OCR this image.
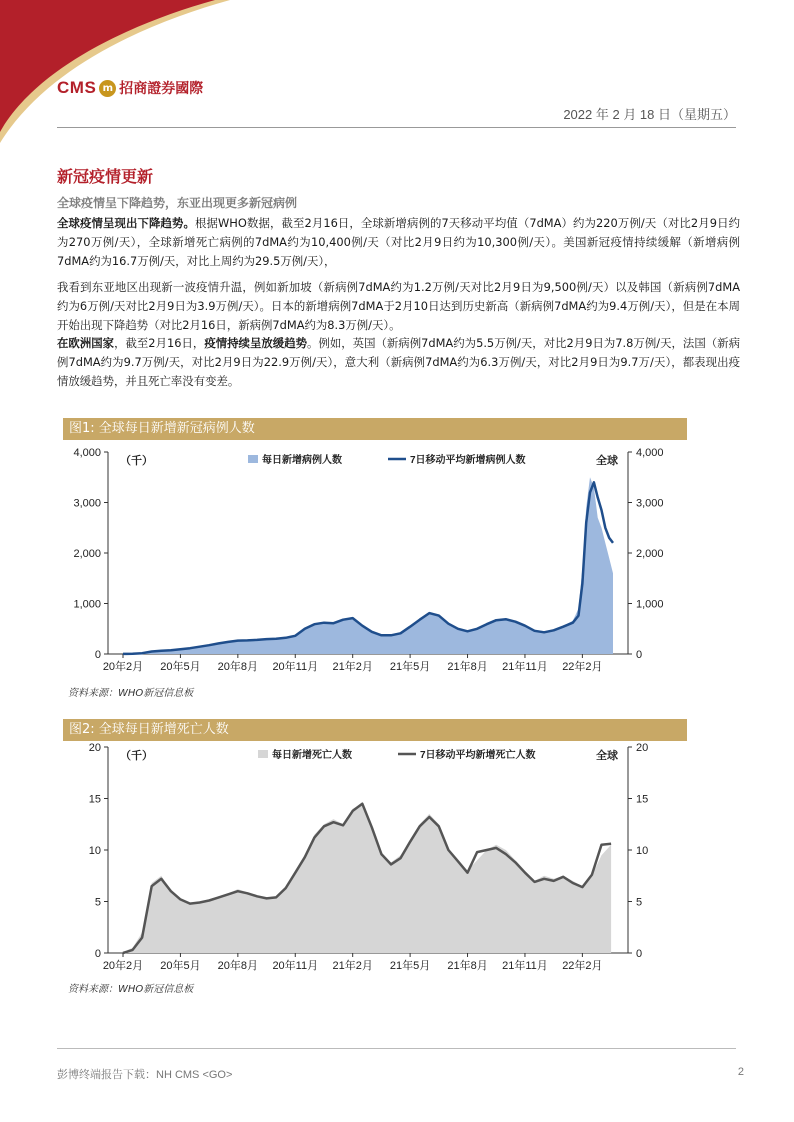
CMS m 招商證券國際
2022 年 2 月 18 日（星期五）
新冠疫情更新
全球疫情呈下降趋势，东亚出现更多新冠病例
全球疫情呈现出下降趋势。根据WHO数据，截至2月16日，全球新增病例的7天移动平均值（7dMA）约为220万例/天（对比2月9日约为270万例/天），全球新增死亡病例的7dMA约为10,400例/天（对比2月9日约为10,300例/天）。美国新冠疫情持续缓解（新增病例7dMA约为16.7万例/天，对比上周约为29.5万例/天），
我看到东亚地区出现新一波疫情升温，例如新加坡（新病例7dMA约为1.2万例/天对比2月9日为9,500例/天）以及韩国（新病例7dMA约为6万例/天对比2月9日为3.9万例/天）。日本的新增病例7dMA于2月10日达到历史新高（新病例7dMA约为9.4万例/天），但是在本周开始出现下降趋势（对比2月16日，新病例7dMA约为8.3万例/天）。
在欧洲国家，截至2月16日，疫情持续呈放缓趋势。例如，英国（新病例7dMA约为5.5万例/天，对比2月9日为7.8万例/天，法国（新病例7dMA约为9.7万例/天，对比2月9日为22.9万例/天），意大利（新病例7dMA约为6.3万例/天，对比2月9日为9.7万/天），都表现出疫情放缓趋势，并且死亡率没有变差。
图1: 全球每日新增新冠病例人数
4,000	4,000
3,000	3,000
2,000	2,000
1,000	1,000
0	0
20年2月 20年5月 20年8月 20年11月 21年2月 21年5月 21年8月 21年11月 22年2月
（千）	每日新增病例人数	7日移动平均新增病例人数	全球
资料来源：WHO新冠信息板
图2: 全球每日新增死亡人数
20	20
15	15
10	10
5	5
0	0
20年2月 20年5月 20年8月 20年11月 21年2月 21年5月 21年8月 21年11月 22年2月
（千）	每日新增死亡人数	7日移动平均新增死亡人数	全球
资料来源：WHO新冠信息板
彭博终端报告下载：NH CMS <GO>	2
